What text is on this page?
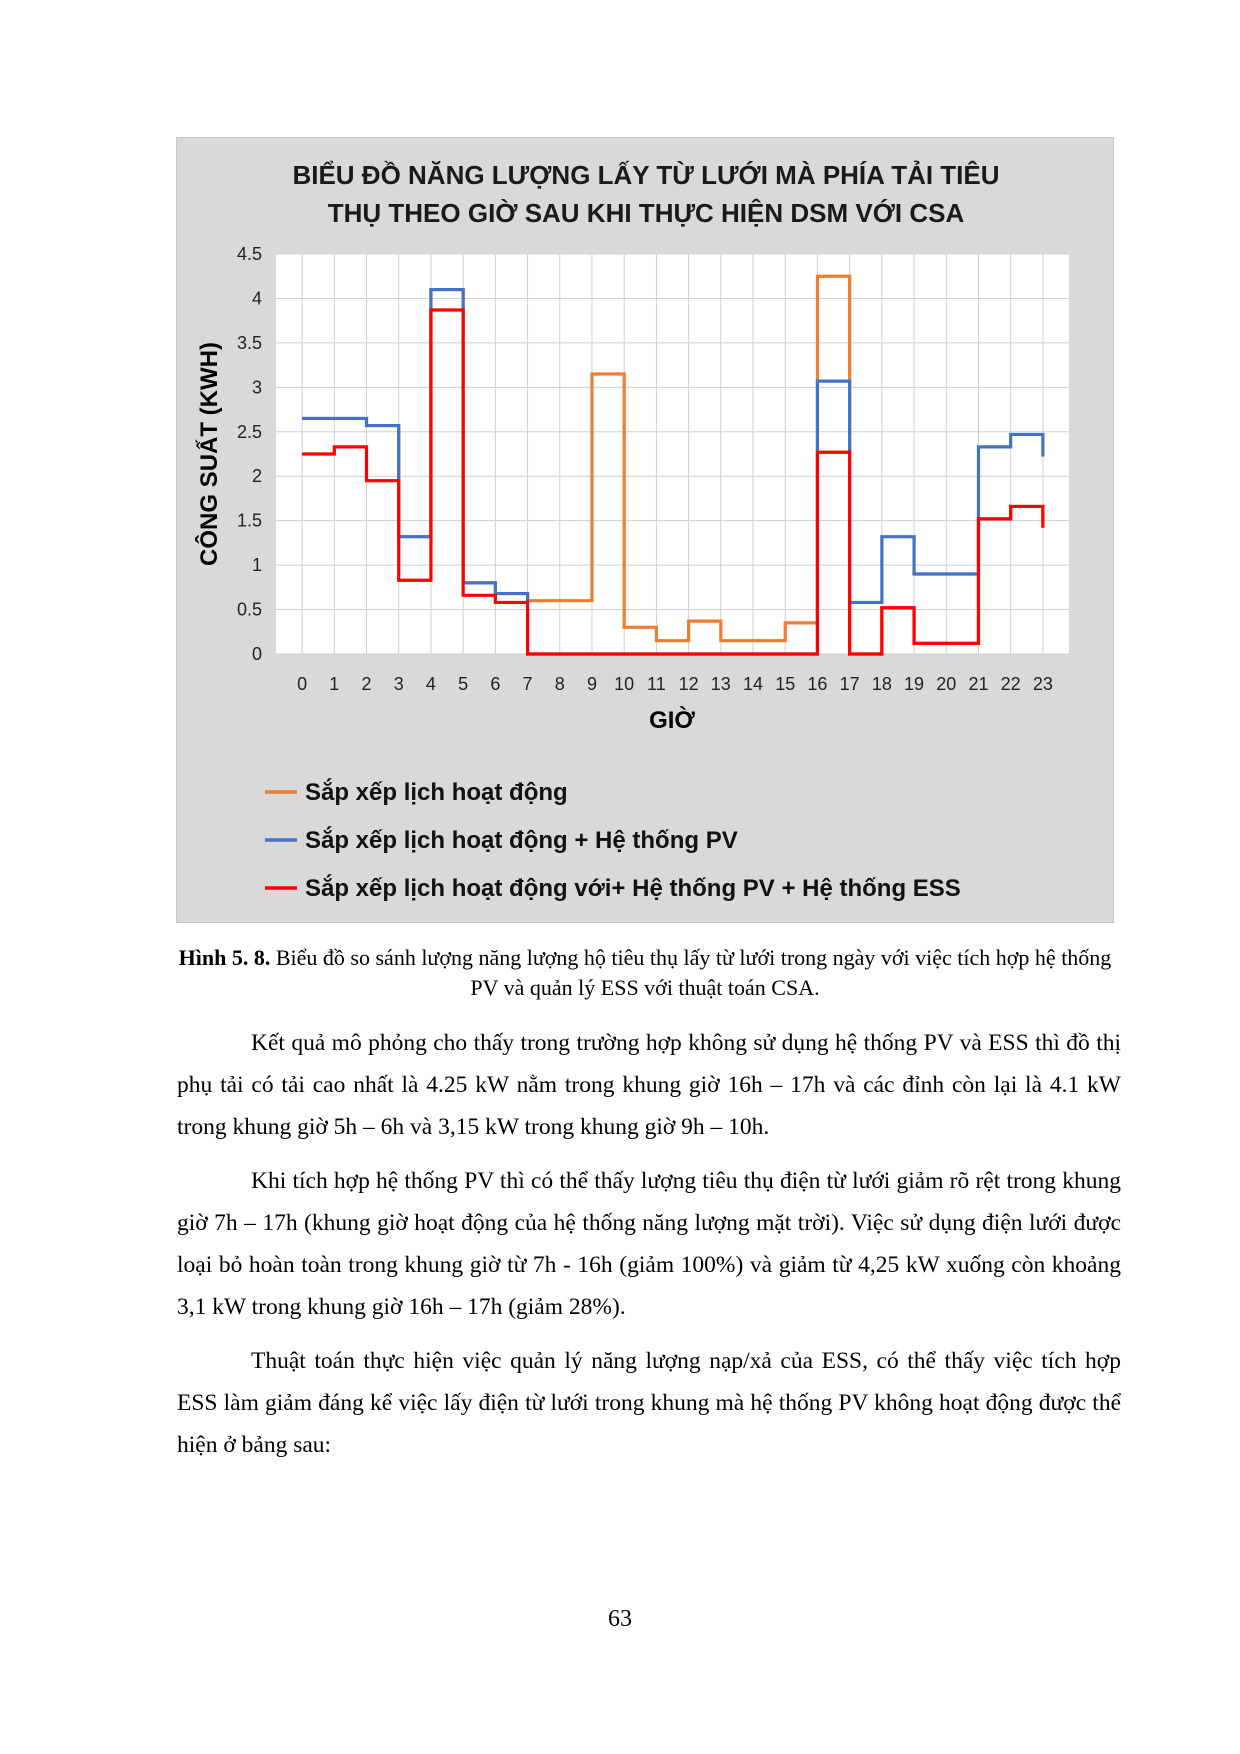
BIỂU ĐỒ NĂNG LƯỢNG LẤY TỪ LƯỚI MÀ PHÍA TẢI TIÊU
THỤ THEO GIỜ SAU KHI THỰC HIỆN DSM VỚI CSA
0
0.5
1
1.5
2
2.5
3
3.5
4
4.5
0 1 2 3 4 5 6 7 8 9 10 11 12 13 14 15 16 17 18 19 20 21 22 23
GIỜ
CÔNG SUẤT (KWH)
Sắp xếp lịch hoạt động
Sắp xếp lịch hoạt động + Hệ thống PV
Sắp xếp lịch hoạt động với+ Hệ thống PV + Hệ thống ESS
Hình 5. 8. Biểu đồ so sánh lượng năng lượng hộ tiêu thụ lấy từ lưới trong ngày với việc tích hợp hệ thống PV và quản lý ESS với thuật toán CSA.

Kết quả mô phỏng cho thấy trong trường hợp không sử dụng hệ thống PV và ESS thì đồ thị phụ tải có tải cao nhất là 4.25 kW nằm trong khung giờ 16h – 17h và các đỉnh còn lại là 4.1 kW trong khung giờ 5h – 6h và 3,15 kW trong khung giờ 9h – 10h.

Khi tích hợp hệ thống PV thì có thể thấy lượng tiêu thụ điện từ lưới giảm rõ rệt trong khung giờ 7h – 17h (khung giờ hoạt động của hệ thống năng lượng mặt trời). Việc sử dụng điện lưới được loại bỏ hoàn toàn trong khung giờ từ 7h - 16h (giảm 100%) và giảm từ 4,25 kW xuống còn khoảng 3,1 kW trong khung giờ 16h – 17h (giảm 28%).

Thuật toán thực hiện việc quản lý năng lượng nạp/xả của ESS, có thể thấy việc tích hợp ESS làm giảm đáng kể việc lấy điện từ lưới trong khung mà hệ thống PV không hoạt động được thể hiện ở bảng sau:

63
